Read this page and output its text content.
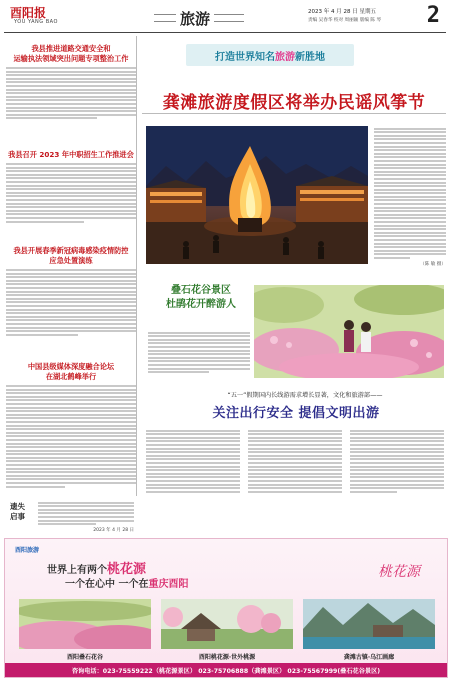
酉阳报
YOU YANG BAO	旅游	2023 年 4 月 28 日 星期五
责编 吴春华 校对 周丽颖 版编 陈 琴 2
我县推进道路交通安全和
运输执法领域突出问题专项整治工作
我县召开 2023 年中职招生工作推进会
我县开展春季新冠病毒感染疫情防控
应急处置演练
中国县级媒体深度融合论坛
在湖北鹤峰举行
遗失启事
2023 年 4 月 28 日
打造世界知名旅游新胜地
龚滩旅游度假区将举办民谣风筝节
（陈 敏 摄）
叠石花谷景区
杜鹃花开醉游人
“五一”假期国内长线游需求增长显著，文化和旅游部——
关注出行安全 提倡文明出游
酉阳旅游
世界上有两个桃花源
一个在心中 一个在重庆酉阳
桃花源
酉阳叠石花谷	酉阳桃花源·世外桃源	龚滩古镇·乌江画廊
咨询电话：023-75559222（桃花源景区） 023-75706888（龚滩景区） 023-75567999(叠石花谷景区)
